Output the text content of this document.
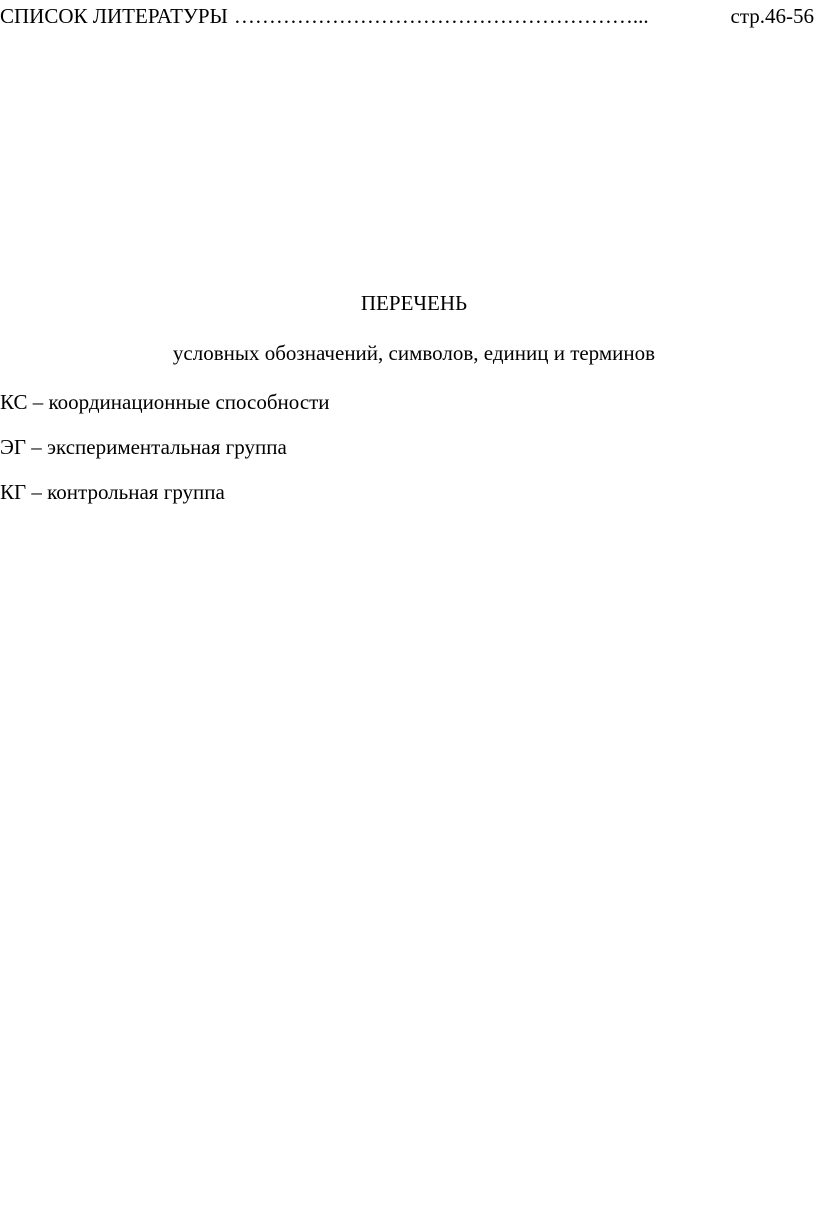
СПИСОК ЛИТЕРАТУРЫ …………………………………………………...	стр.46-56
ПЕРЕЧЕНЬ
условных обозначений, символов, единиц и терминов
КС – координационные способности
ЭГ – экспериментальная группа
КГ – контрольная группа
